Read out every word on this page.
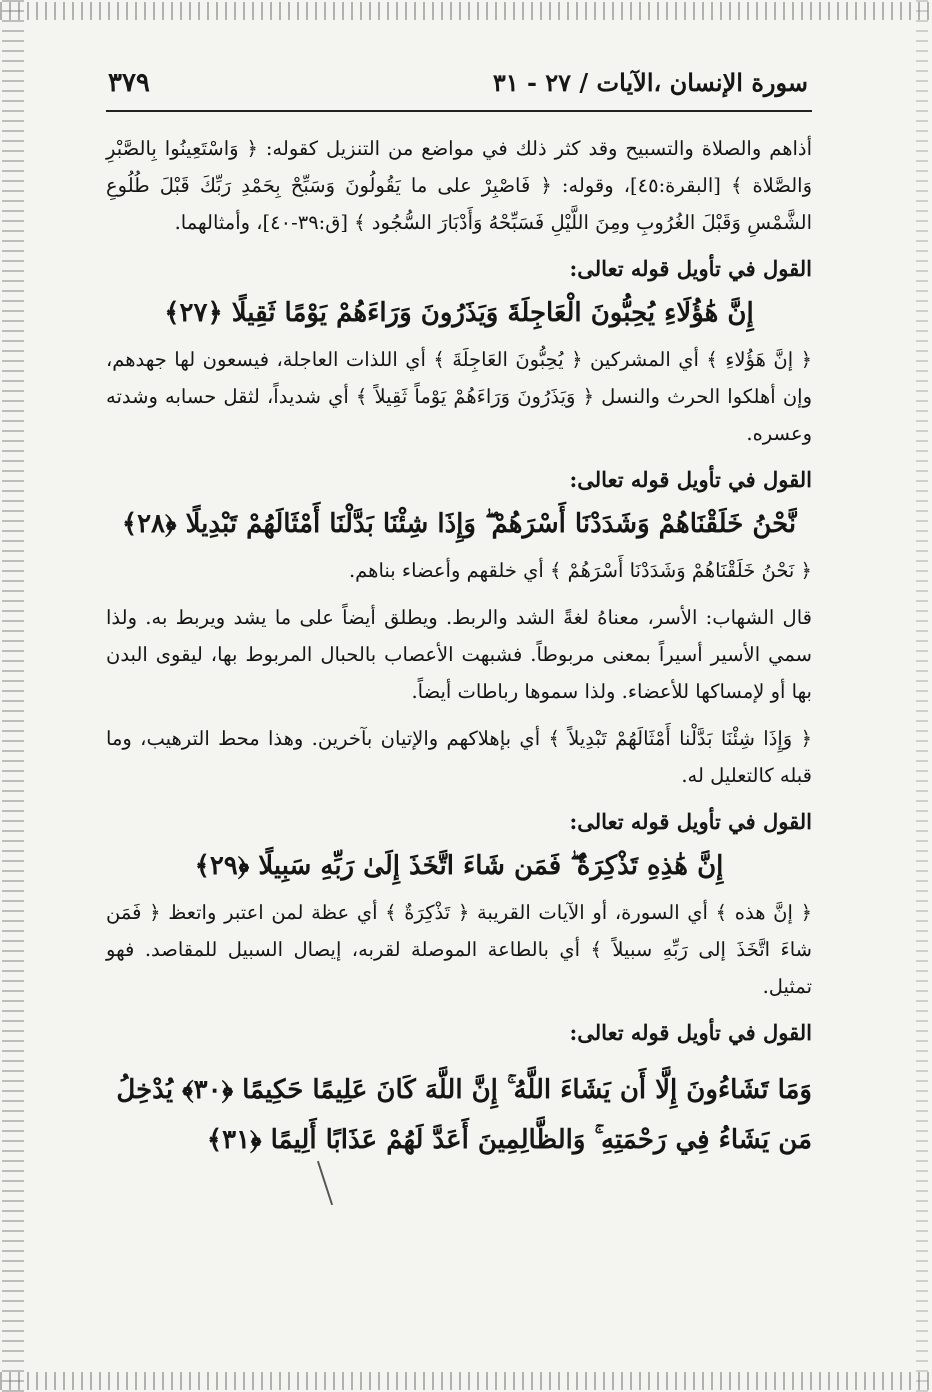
سورة الإنسان ،الآيات / ٢٧ - ٣١
٣٧٩

أذاهم والصلاة والتسبيح وقد كثر ذلك في مواضع من التنزيل كقوله: ﴿ وَاسْتَعِينُوا بِالصَّبْرِ وَالصَّلاة ﴾ [البقرة:٤٥]، وقوله: ﴿ فَاصْبِرْ على ما يَقُولُونَ وَسَبِّحْ بِحَمْدِ رَبِّكَ قَبْلَ طُلُوعِ الشَّمْسِ وَقَبْلَ الغُرُوبِ ومِنَ اللَّيْلِ فَسَبِّحْهُ وَأَدْبَارَ السُّجُود ﴾ [ق:٣٩-٤٠]، وأمثالهما.

القول في تأويل قوله تعالى:
إِنَّ هَٰؤُلَاءِ يُحِبُّونَ الْعَاجِلَةَ وَيَذَرُونَ وَرَاءَهُمْ يَوْمًا ثَقِيلًا ﴿٢٧﴾

﴿ إنَّ هَؤُلاءِ ﴾ أي المشركين ﴿ يُحِبُّونَ العَاجِلَةَ ﴾ أي اللذات العاجلة، فيسعون لها جهدهم، وإن أهلكوا الحرث والنسل ﴿ وَيَذَرُونَ وَرَاءَهُمْ يَوْماً ثَقِيلاً ﴾ أي شديداً، لثقل حسابه وشدته وعسره.

القول في تأويل قوله تعالى:
نَّحْنُ خَلَقْنَاهُمْ وَشَدَدْنَا أَسْرَهُمْ ۖ وَإِذَا شِئْنَا بَدَّلْنَا أَمْثَالَهُمْ تَبْدِيلًا ﴿٢٨﴾

﴿ نَحْنُ خَلَقْنَاهُمْ وَشَدَدْنَا أَسْرَهُمْ ﴾ أي خلقهم وأعضاء بناهم.

قال الشهاب: الأسر، معناهُ لغةً الشد والربط. ويطلق أيضاً على ما يشد ويربط به. ولذا سمي الأسير أسيراً بمعنى مربوطاً. فشبهت الأعصاب بالحبال المربوط بها، ليقوى البدن بها أو لإمساكها للأعضاء. ولذا سموها رباطات أيضاً.

﴿ وَإِذَا شِئْنَا بَدَّلْنا أَمْثَالَهُمْ تَبْدِيلاً ﴾ أي بإهلاكهم والإتيان بآخرين. وهذا محط الترهيب، وما قبله كالتعليل له.

القول في تأويل قوله تعالى:
إِنَّ هَٰذِهِ تَذْكِرَةٌ ۖ فَمَن شَاءَ اتَّخَذَ إِلَىٰ رَبِّهِ سَبِيلًا ﴿٢٩﴾

﴿ إنَّ هذه ﴾ أي السورة، أو الآيات القريبة ﴿ تَذْكِرَةٌ ﴾ أي عظة لمن اعتبر واتعظ ﴿ فَمَن شاءَ اتَّخَذَ إلى رَبِّهِ سبيلاً ﴾ أي بالطاعة الموصلة لقربه، إيصال السبيل للمقاصد. فهو تمثيل.

القول في تأويل قوله تعالى:
وَمَا تَشَاءُونَ إِلَّا أَن يَشَاءَ اللَّهُ ۚ إِنَّ اللَّهَ كَانَ عَلِيمًا حَكِيمًا ﴿٣٠﴾ يُدْخِلُ مَن يَشَاءُ فِي رَحْمَتِهِ ۚ وَالظَّالِمِينَ أَعَدَّ لَهُمْ عَذَابًا أَلِيمًا ﴿٣١﴾
